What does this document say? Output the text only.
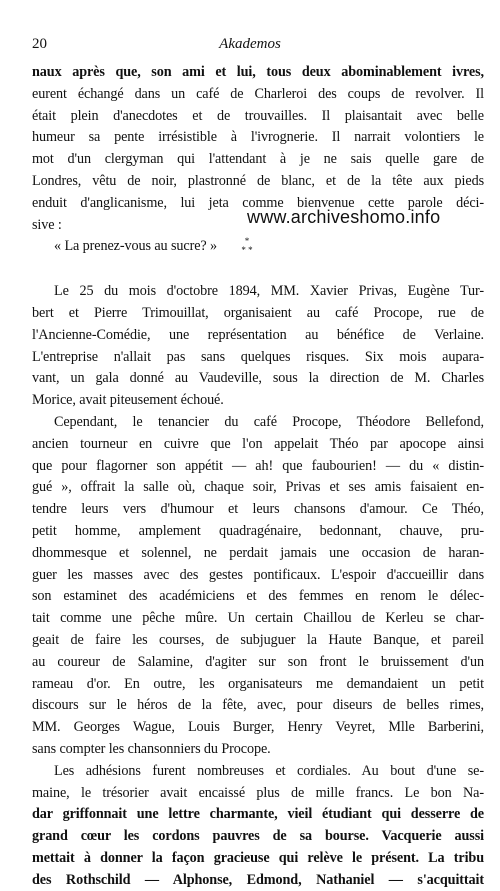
20	Akademos
naux après que, son ami et lui, tous deux abominablement ivres,
eurent échangé dans un café de Charleroi des coups de revolver. Il
était plein d'anecdotes et de trouvailles. Il plaisantait avec belle
humeur sa pente irrésistible à l'ivrognerie. Il narrait volontiers le
mot d'un clergyman qui l'attendant à je ne sais quelle gare de
Londres, vêtu de noir, plastronné de blanc, et de la tête aux pieds
enduit d'anglicanisme, lui jeta comme bienvenue cette parole déci-
sive :
« La prenez-vous au sucre? »
Le 25 du mois d'octobre 1894, MM. Xavier Privas, Eugène Tur-
bert et Pierre Trimouillat, organisaient au café Procope, rue de
l'Ancienne-Comédie, une représentation au bénéfice de Verlaine.
L'entreprise n'allait pas sans quelques risques. Six mois aupara-
vant, un gala donné au Vaudeville, sous la direction de M. Charles
Morice, avait piteusement échoué.
Cependant, le tenancier du café Procope, Théodore Bellefond,
ancien tourneur en cuivre que l'on appelait Théo par apocope ainsi
que pour flagorner son appétit — ah! que faubourien! — du « distin-
gué », offrait la salle où, chaque soir, Privas et ses amis faisaient en-
tendre leurs vers d'humour et leurs chansons d'amour. Ce Théo,
petit homme, amplement quadragénaire, bedonnant, chauve, pru-
dhommesque et solennel, ne perdait jamais une occasion de haran-
guer les masses avec des gestes pontificaux. L'espoir d'accueillir dans
son estaminet des académiciens et des femmes en renom le délec-
tait comme une pêche mûre. Un certain Chaillou de Kerleu se char-
geait de faire les courses, de subjuguer la Haute Banque, et pareil
au coureur de Salamine, d'agiter sur son front le bruissement d'un
rameau d'or. En outre, les organisateurs me demandaient un petit
discours sur le héros de la fête, avec, pour diseurs de belles rimes,
MM. Georges Wague, Louis Burger, Henry Veyret, Mlle Barberini,
sans compter les chansonniers du Procope.
Les adhésions furent nombreuses et cordiales. Au bout d'une se-
maine, le trésorier avait encaissé plus de mille francs. Le bon Na-
dar griffonnait une lettre charmante, vieil étudiant qui desserre de
grand cœur les cordons pauvres de sa bourse. Vacquerie aussi
mettait à donner la façon gracieuse qui relève le présent. La tribu
des Rothschild — Alphonse, Edmond, Nathaniel — s'acquittait
www.archiveshomo.info
*
* *
